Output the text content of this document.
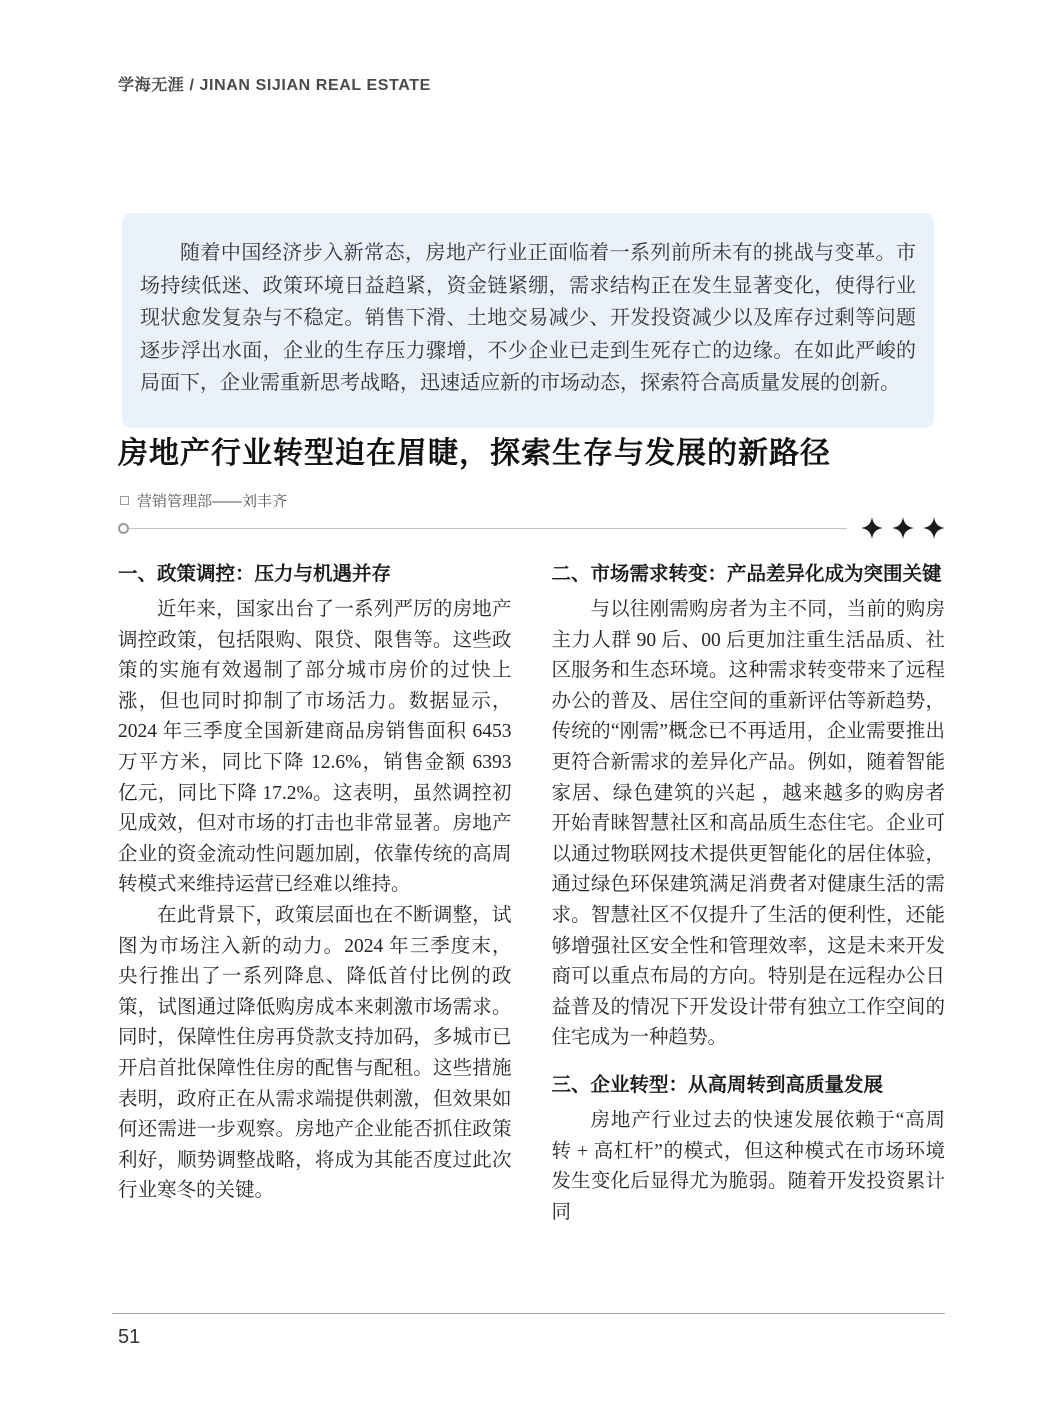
学海无涯 / JINAN SIJIAN REAL ESTATE

随着中国经济步入新常态，房地产行业正面临着一系列前所未有的挑战与变革。市场持续低迷、政策环境日益趋紧，资金链紧绷，需求结构正在发生显著变化，使得行业现状愈发复杂与不稳定。销售下滑、土地交易减少、开发投资减少以及库存过剩等问题逐步浮出水面，企业的生存压力骤增，不少企业已走到生死存亡的边缘。在如此严峻的局面下，企业需重新思考战略，迅速适应新的市场动态，探索符合高质量发展的创新。

房地产行业转型迫在眉睫，探索生存与发展的新路径
营销管理部——刘丰齐
一、政策调控：压力与机遇并存

近年来，国家出台了一系列严厉的房地产调控政策，包括限购、限贷、限售等。这些政策的实施有效遏制了部分城市房价的过快上涨，但也同时抑制了市场活力。数据显示，2024 年三季度全国新建商品房销售面积 6453 万平方米，同比下降 12.6%，销售金额 6393 亿元，同比下降 17.2%。这表明，虽然调控初见成效，但对市场的打击也非常显著。房地产企业的资金流动性问题加剧，依靠传统的高周转模式来维持运营已经难以维持。

在此背景下，政策层面也在不断调整，试图为市场注入新的动力。2024 年三季度末，央行推出了一系列降息、降低首付比例的政策，试图通过降低购房成本来刺激市场需求。同时，保障性住房再贷款支持加码，多城市已开启首批保障性住房的配售与配租。这些措施表明，政府正在从需求端提供刺激，但效果如何还需进一步观察。房地产企业能否抓住政策利好，顺势调整战略，将成为其能否度过此次行业寒冬的关键。

二、市场需求转变：产品差异化成为突围关键

与以往刚需购房者为主不同，当前的购房主力人群 90 后、00 后更加注重生活品质、社区服务和生态环境。这种需求转变带来了远程办公的普及、居住空间的重新评估等新趋势，传统的“刚需”概念已不再适用，企业需要推出更符合新需求的差异化产品。例如，随着智能家居、绿色建筑的兴起 ，越来越多的购房者开始青睐智慧社区和高品质生态住宅。企业可以通过物联网技术提供更智能化的居住体验，通过绿色环保建筑满足消费者对健康生活的需求。智慧社区不仅提升了生活的便利性，还能够增强社区安全性和管理效率，这是未来开发商可以重点布局的方向。特别是在远程办公日益普及的情况下开发设计带有独立工作空间的住宅成为一种趋势。

三、企业转型：从高周转到高质量发展

房地产行业过去的快速发展依赖于“高周转 + 高杠杆”的模式，但这种模式在市场环境发生变化后显得尤为脆弱。随着开发投资累计同

51
